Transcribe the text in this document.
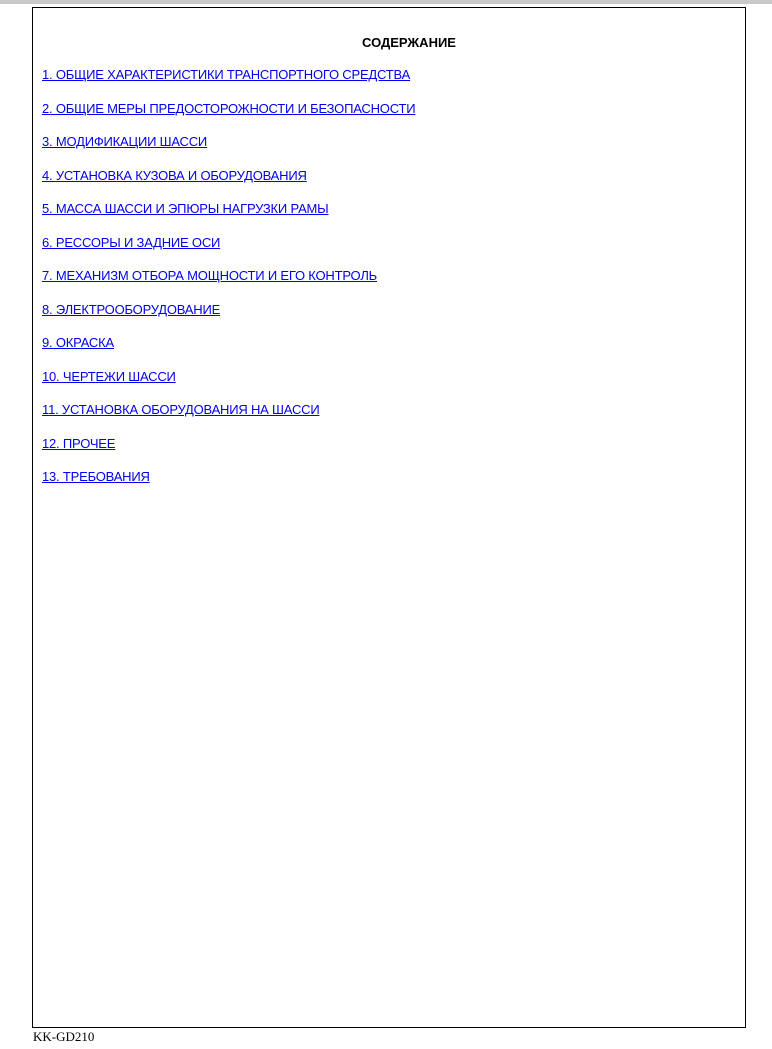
СОДЕРЖАНИЕ
1. ОБЩИЕ ХАРАКТЕРИСТИКИ ТРАНСПОРТНОГО СРЕДСТВА
2. ОБЩИЕ МЕРЫ ПРЕДОСТОРОЖНОСТИ И БЕЗОПАСНОСТИ
3. МОДИФИКАЦИИ ШАССИ
4. УСТАНОВКА КУЗОВА И ОБОРУДОВАНИЯ
5. МАССА ШАССИ И ЭПЮРЫ НАГРУЗКИ РАМЫ
6. РЕССОРЫ И ЗАДНИЕ ОСИ
7. МЕХАНИЗМ ОТБОРА МОЩНОСТИ И ЕГО КОНТРОЛЬ
8. ЭЛЕКТРООБОРУДОВАНИЕ
9. ОКРАСКА
10. ЧЕРТЕЖИ ШАССИ
11. УСТАНОВКА ОБОРУДОВАНИЯ НА ШАССИ
12. ПРОЧЕЕ
13. ТРЕБОВАНИЯ
KK-GD210
